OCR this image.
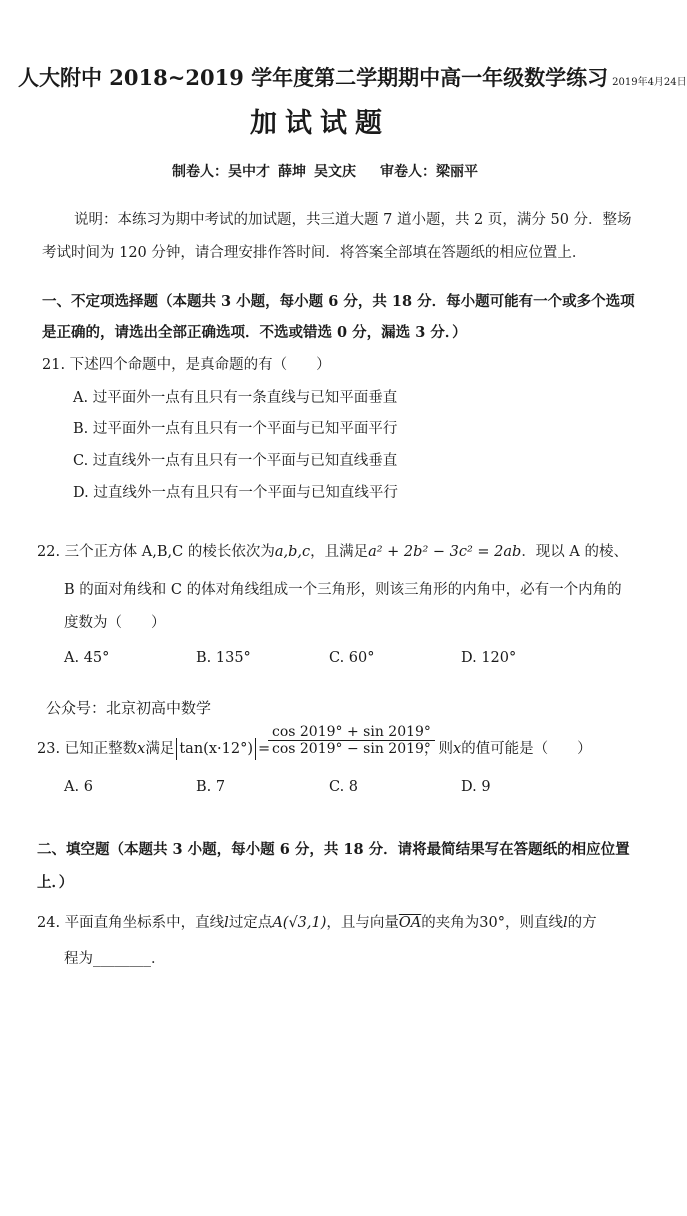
人大附中 2018~2019 学年度第二学期期中高一年级数学练习 2019年4月24日
加试试题
制卷人：吴中才 薛坤 吴文庆 审卷人：梁丽平
说明：本练习为期中考试的加试题，共三道大题 7 道小题，共 2 页，满分 50 分．整场
考试时间为 120 分钟，请合理安排作答时间．将答案全部填在答题纸的相应位置上．
一、不定项选择题（本题共 3 小题，每小题 6 分，共 18 分．每小题可能有一个或多个选项
是正确的，请选出全部正确选项．不选或错选 0 分，漏选 3 分．）
21. 下述四个命题中，是真命题的有（　　）
A. 过平面外一点有且只有一条直线与已知平面垂直
B. 过平面外一点有且只有一个平面与已知平面平行
C. 过直线外一点有且只有一个平面与已知直线垂直
D. 过直线外一点有且只有一个平面与已知直线平行
22. 三个正方体 A,B,C 的棱长依次为a,b,c，且满足a² + 2b² − 3c² = 2ab．现以 A 的棱、
B 的面对角线和 C 的体对角线组成一个三角形，则该三角形的内角中，必有一个内角的
度数为（　　）
A. 45°	B. 135°	C. 60°	D. 120°
公众号：北京初高中数学
23. 已知正整数x满足 tan(x·12°) =
cos 2019° + sin 2019°
cos 2019° − sin 2019°
，则x的值可能是（　　）
A. 6	B. 7	C. 8	D. 9
二、填空题（本题共 3 小题，每小题 6 分，共 18 分．请将最简结果写在答题纸的相应位置
上．）
24. 平面直角坐标系中，直线l过定点A(√3,1)，且与向量$\overline{OA}$的夹角为30°，则直线l的方
程为________．
